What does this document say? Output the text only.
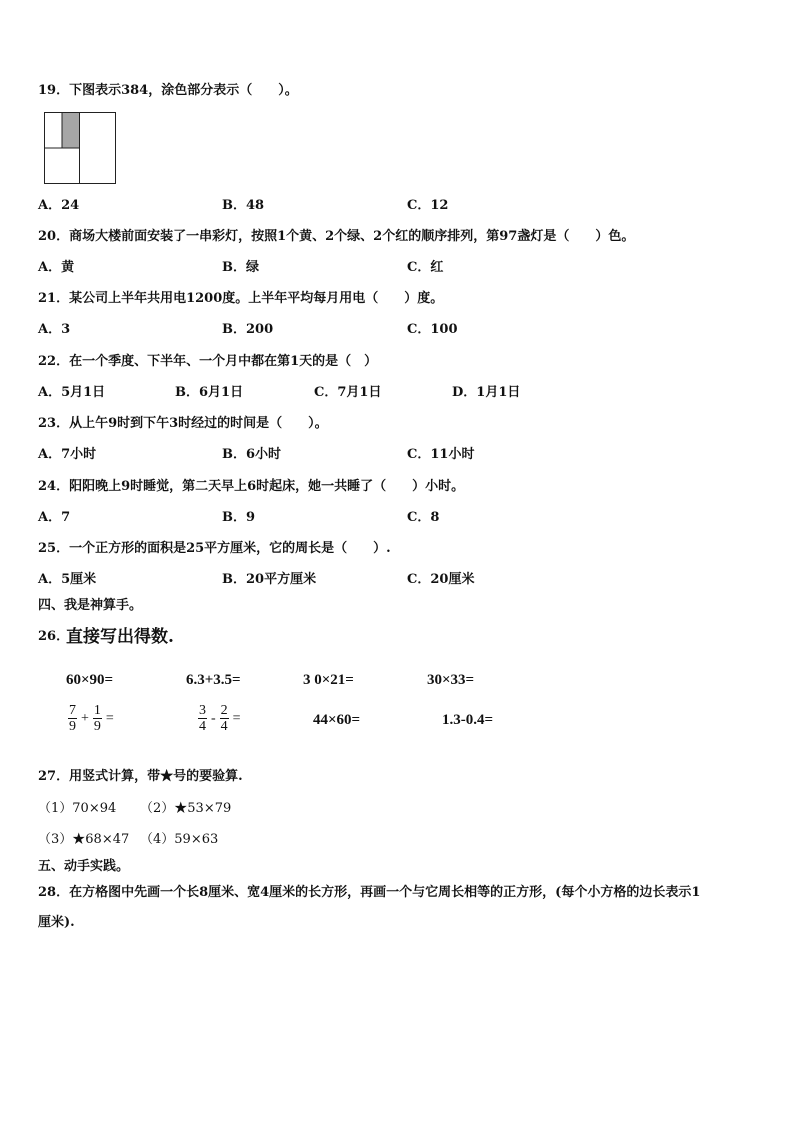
19．下图表示384，涂色部分表示（　　）。
A．24	B．48	C．12
20．商场大楼前面安装了一串彩灯，按照1个黄、2个绿、2个红的顺序排列，第97盏灯是（　　）色。
A．黄	B．绿	C．红
21．某公司上半年共用电1200度。上半年平均每月用电（　　）度。
A．3	B．200	C．100
22．在一个季度、下半年、一个月中都在第1天的是（　）
A．5月1日	B．6月1日	C．7月1日	D．1月1日
23．从上午9时到下午3时经过的时间是（　　）。
A．7小时	B．6小时	C．11小时
24．阳阳晚上9时睡觉，第二天早上6时起床，她一共睡了（　　）小时。
A．7	B．9	C．8
25．一个正方形的面积是25平方厘米，它的周长是（　　）.
A．5厘米	B．20平方厘米	C．20厘米
四、我是神算手。
26．
直接写出得数.
60×90=	6.3+3.5=	3 0×21=	30×33=
$\frac{7}{9} + \frac{1}{9}$ =	$\frac{3}{4} - \frac{2}{4}$ =	44×60=	1.3-0.4=
27．用竖式计算，带★号的要验算.
（1）70×94 （2）★53×79
（3）★68×47 （4）59×63
五、动手实践。
28．在方格图中先画一个长8厘米、宽4厘米的长方形，再画一个与它周长相等的正方形，(每个小方格的边长表示1
厘米).
